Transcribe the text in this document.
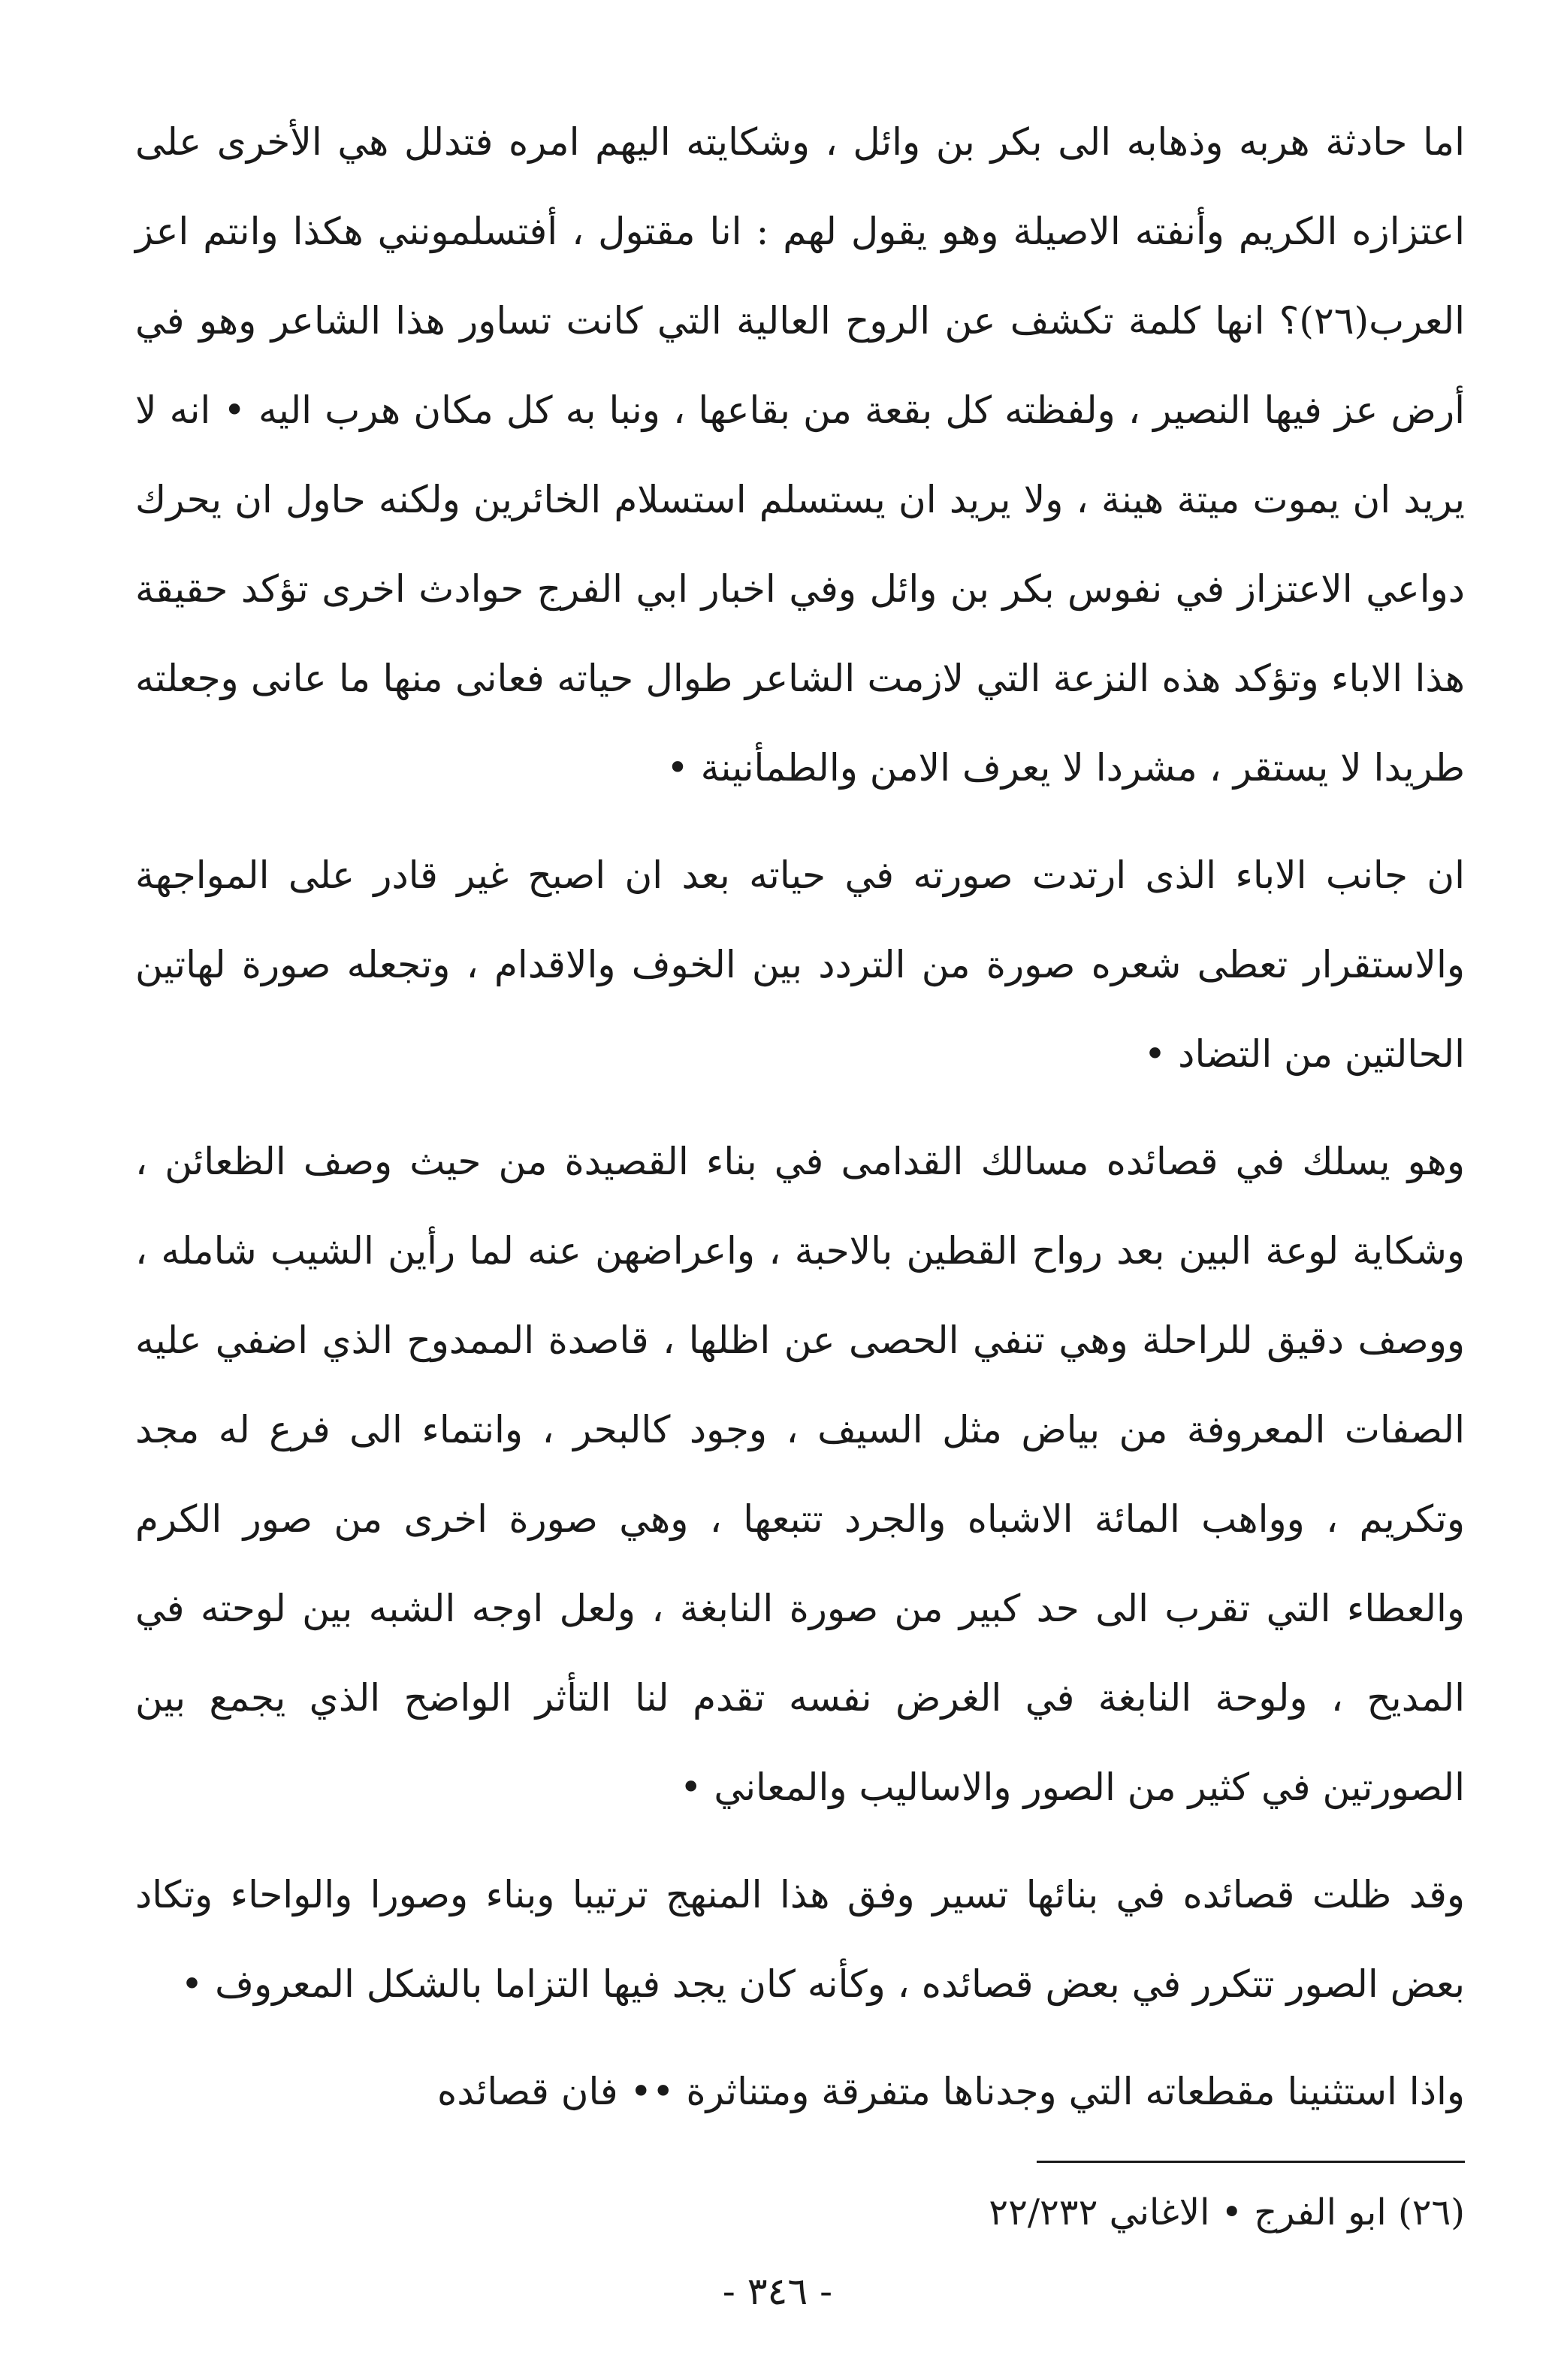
اما حادثة هربه وذهابه الى بكر بن وائل ، وشكايته اليهم امره فتدلل هي الأخرى على اعتزازه الكريم وأنفته الاصيلة وهو يقول لهم : انا مقتول ، أفتسلمونني هكذا وانتم اعز العرب(٢٦)؟ انها كلمة تكشف عن الروح العالية التي كانت تساور هذا الشاعر وهو في أرض عز فيها النصير ، ولفظته كل بقعة من بقاعها ، ونبا به كل مكان هرب اليه • انه لا يريد ان يموت ميتة هينة ، ولا يريد ان يستسلم استسلام الخائرين ولكنه حاول ان يحرك دواعي الاعتزاز في نفوس بكر بن وائل وفي اخبار ابي الفرج حوادث اخرى تؤكد حقيقة هذا الاباء وتؤكد هذه النزعة التي لازمت الشاعر طوال حياته فعانى منها ما عانى وجعلته طريدا لا يستقر ، مشردا لا يعرف الامن والطمأنينة •

ان جانب الاباء الذى ارتدت صورته في حياته بعد ان اصبح غير قادر على المواجهة والاستقرار تعطى شعره صورة من التردد بين الخوف والاقدام ، وتجعله صورة لهاتين الحالتين من التضاد •

وهو يسلك في قصائده مسالك القدامى في بناء القصيدة من حيث وصف الظعائن ، وشكاية لوعة البين بعد رواح القطين بالاحبة ، واعراضهن عنه لما رأين الشيب شامله ، ووصف دقيق للراحلة وهي تنفي الحصى عن اظلها ، قاصدة الممدوح الذي اضفي عليه الصفات المعروفة من بياض مثل السيف ، وجود كالبحر ، وانتماء الى فرع له مجد وتكريم ، وواهب المائة الاشباه والجرد تتبعها ، وهي صورة اخرى من صور الكرم والعطاء التي تقرب الى حد كبير من صورة النابغة ، ولعل اوجه الشبه بين لوحته في المديح ، ولوحة النابغة في الغرض نفسه تقدم لنا التأثر الواضح الذي يجمع بين الصورتين في كثير من الصور والاساليب والمعاني •

وقد ظلت قصائده في بنائها تسير وفق هذا المنهج ترتيبا وبناء وصورا والواحاء وتكاد بعض الصور تتكرر في بعض قصائده ، وكأنه كان يجد فيها التزاما بالشكل المعروف •

واذا استثنينا مقطعاته التي وجدناها متفرقة ومتناثرة •• فان قصائده

(٢٦) ابو الفرج • الاغاني ٢٢/٢٣٢

- ٣٤٦ -
